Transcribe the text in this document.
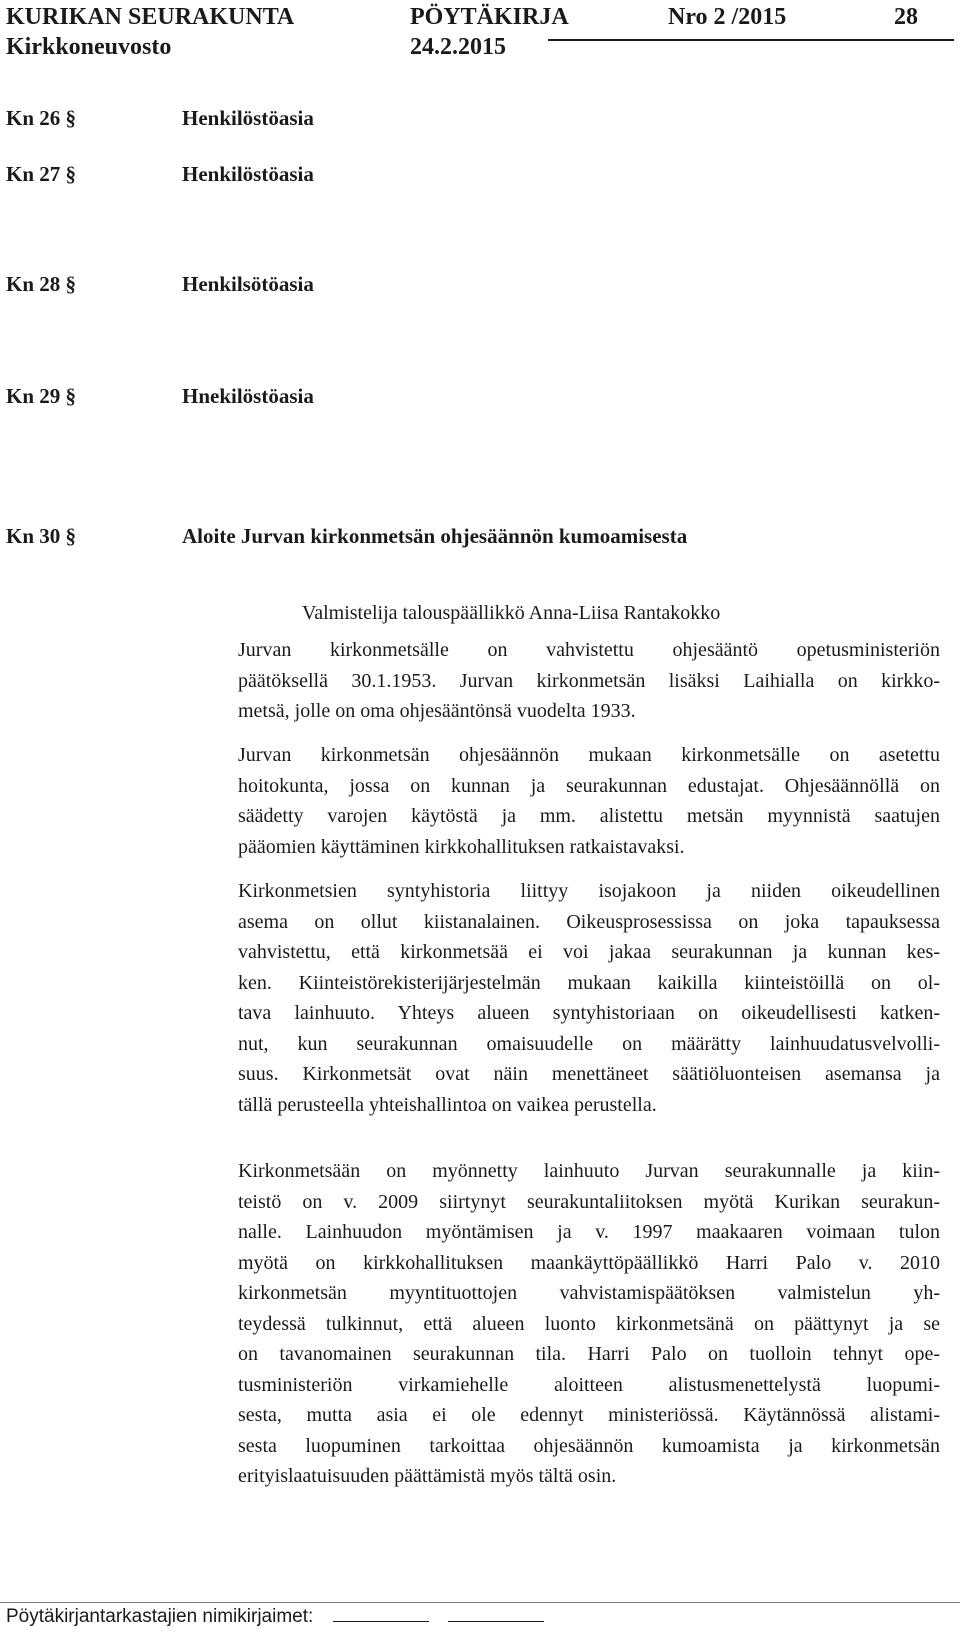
KURIKAN SEURAKUNTA	PÖYTÄKIRJA	Nro 2 /2015	28
Kirkkoneuvosto	24.2.2015
Kn 26 §	Henkilöstöasia
Kn 27 §	Henkilöstöasia
Kn 28 §	Henkilsötöasia
Kn 29 §	Hnekilöstöasia
Kn 30 §	Aloite Jurvan kirkonmetsän ohjesäännön kumoamisesta
Valmistelija talouspäällikkö Anna-Liisa Rantakokko
Jurvan kirkonmetsälle on vahvistettu ohjesääntö opetusministeriön
päätöksellä 30.1.1953. Jurvan kirkonmetsän lisäksi Laihialla on kirkko-
metsä, jolle on oma ohjesääntönsä vuodelta 1933.
Jurvan kirkonmetsän ohjesäännön mukaan kirkonmetsälle on asetettu
hoitokunta, jossa on kunnan ja seurakunnan edustajat. Ohjesäännöllä on
säädetty varojen käytöstä ja mm. alistettu metsän myynnistä saatujen
pääomien käyttäminen kirkkohallituksen ratkaistavaksi.
Kirkonmetsien syntyhistoria liittyy isojakoon ja niiden oikeudellinen
asema on ollut kiistanalainen. Oikeusprosessissa on joka tapauksessa
vahvistettu, että kirkonmetsää ei voi jakaa seurakunnan ja kunnan kes-
ken. Kiinteistörekisterijärjestelmän mukaan kaikilla kiinteistöillä on ol-
tava lainhuuto. Yhteys alueen syntyhistoriaan on oikeudellisesti katken-
nut, kun seurakunnan omaisuudelle on määrätty lainhuudatusvelvolli-
suus. Kirkonmetsät ovat näin menettäneet säätiöluonteisen asemansa ja
tällä perusteella yhteishallintoa on vaikea perustella.
Kirkonmetsään on myönnetty lainhuuto Jurvan seurakunnalle ja kiin-
teistö on v. 2009 siirtynyt seurakuntaliitoksen myötä Kurikan seurakun-
nalle. Lainhuudon myöntämisen ja v. 1997 maakaaren voimaan tulon
myötä on kirkkohallituksen maankäyttöpäällikkö Harri Palo v. 2010
kirkonmetsän myyntituottojen vahvistamispäätöksen valmistelun yh-
teydessä tulkinnut, että alueen luonto kirkonmetsänä on päättynyt ja se
on tavanomainen seurakunnan tila. Harri Palo on tuolloin tehnyt ope-
tusministeriön virkamiehelle aloitteen alistusmenettelystä luopumi-
sesta, mutta asia ei ole edennyt ministeriössä. Käytännössä alistami-
sesta luopuminen tarkoittaa ohjesäännön kumoamista ja kirkonmetsän
erityislaatuisuuden päättämistä myös tältä osin.
Pöytäkirjantarkastajien nimikirjaimet:
